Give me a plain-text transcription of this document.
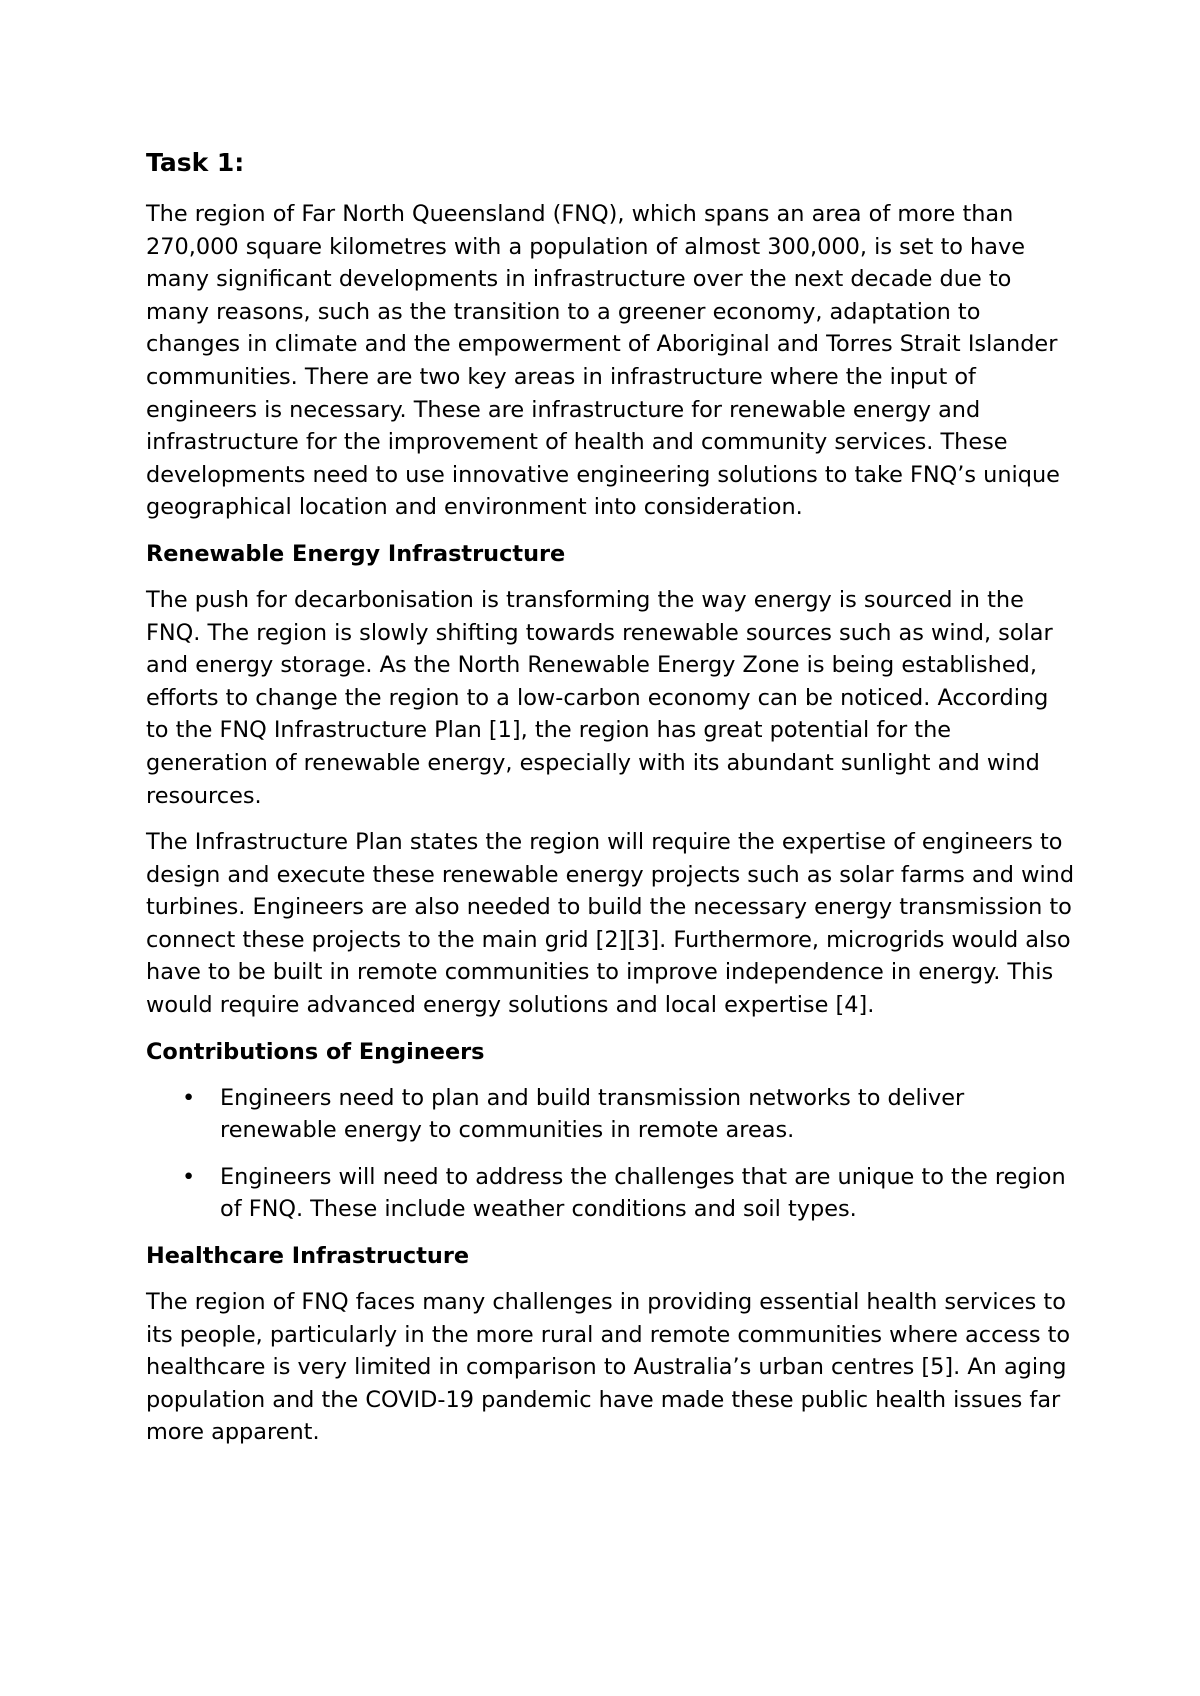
Task 1:

The region of Far North Queensland (FNQ), which spans an area of more than 270,000 square kilometres with a population of almost 300,000, is set to have many significant developments in infrastructure over the next decade due to many reasons, such as the transition to a greener economy, adaptation to changes in climate and the empowerment of Aboriginal and Torres Strait Islander communities. There are two key areas in infrastructure where the input of engineers is necessary. These are infrastructure for renewable energy and infrastructure for the improvement of health and community services. These developments need to use innovative engineering solutions to take FNQ’s unique geographical location and environment into consideration.

Renewable Energy Infrastructure

The push for decarbonisation is transforming the way energy is sourced in the FNQ. The region is slowly shifting towards renewable sources such as wind, solar and energy storage. As the North Renewable Energy Zone is being established, efforts to change the region to a low-carbon economy can be noticed. According to the FNQ Infrastructure Plan [1], the region has great potential for the generation of renewable energy, especially with its abundant sunlight and wind resources.

The Infrastructure Plan states the region will require the expertise of engineers to design and execute these renewable energy projects such as solar farms and wind turbines. Engineers are also needed to build the necessary energy transmission to connect these projects to the main grid [2][3]. Furthermore, microgrids would also have to be built in remote communities to improve independence in energy. This would require advanced energy solutions and local expertise [4].

Contributions of Engineers
• Engineers need to plan and build transmission networks to deliver renewable energy to communities in remote areas.
• Engineers will need to address the challenges that are unique to the region of FNQ. These include weather conditions and soil types.
Healthcare Infrastructure

The region of FNQ faces many challenges in providing essential health services to its people, particularly in the more rural and remote communities where access to healthcare is very limited in comparison to Australia’s urban centres [5]. An aging population and the COVID-19 pandemic have made these public health issues far more apparent.
